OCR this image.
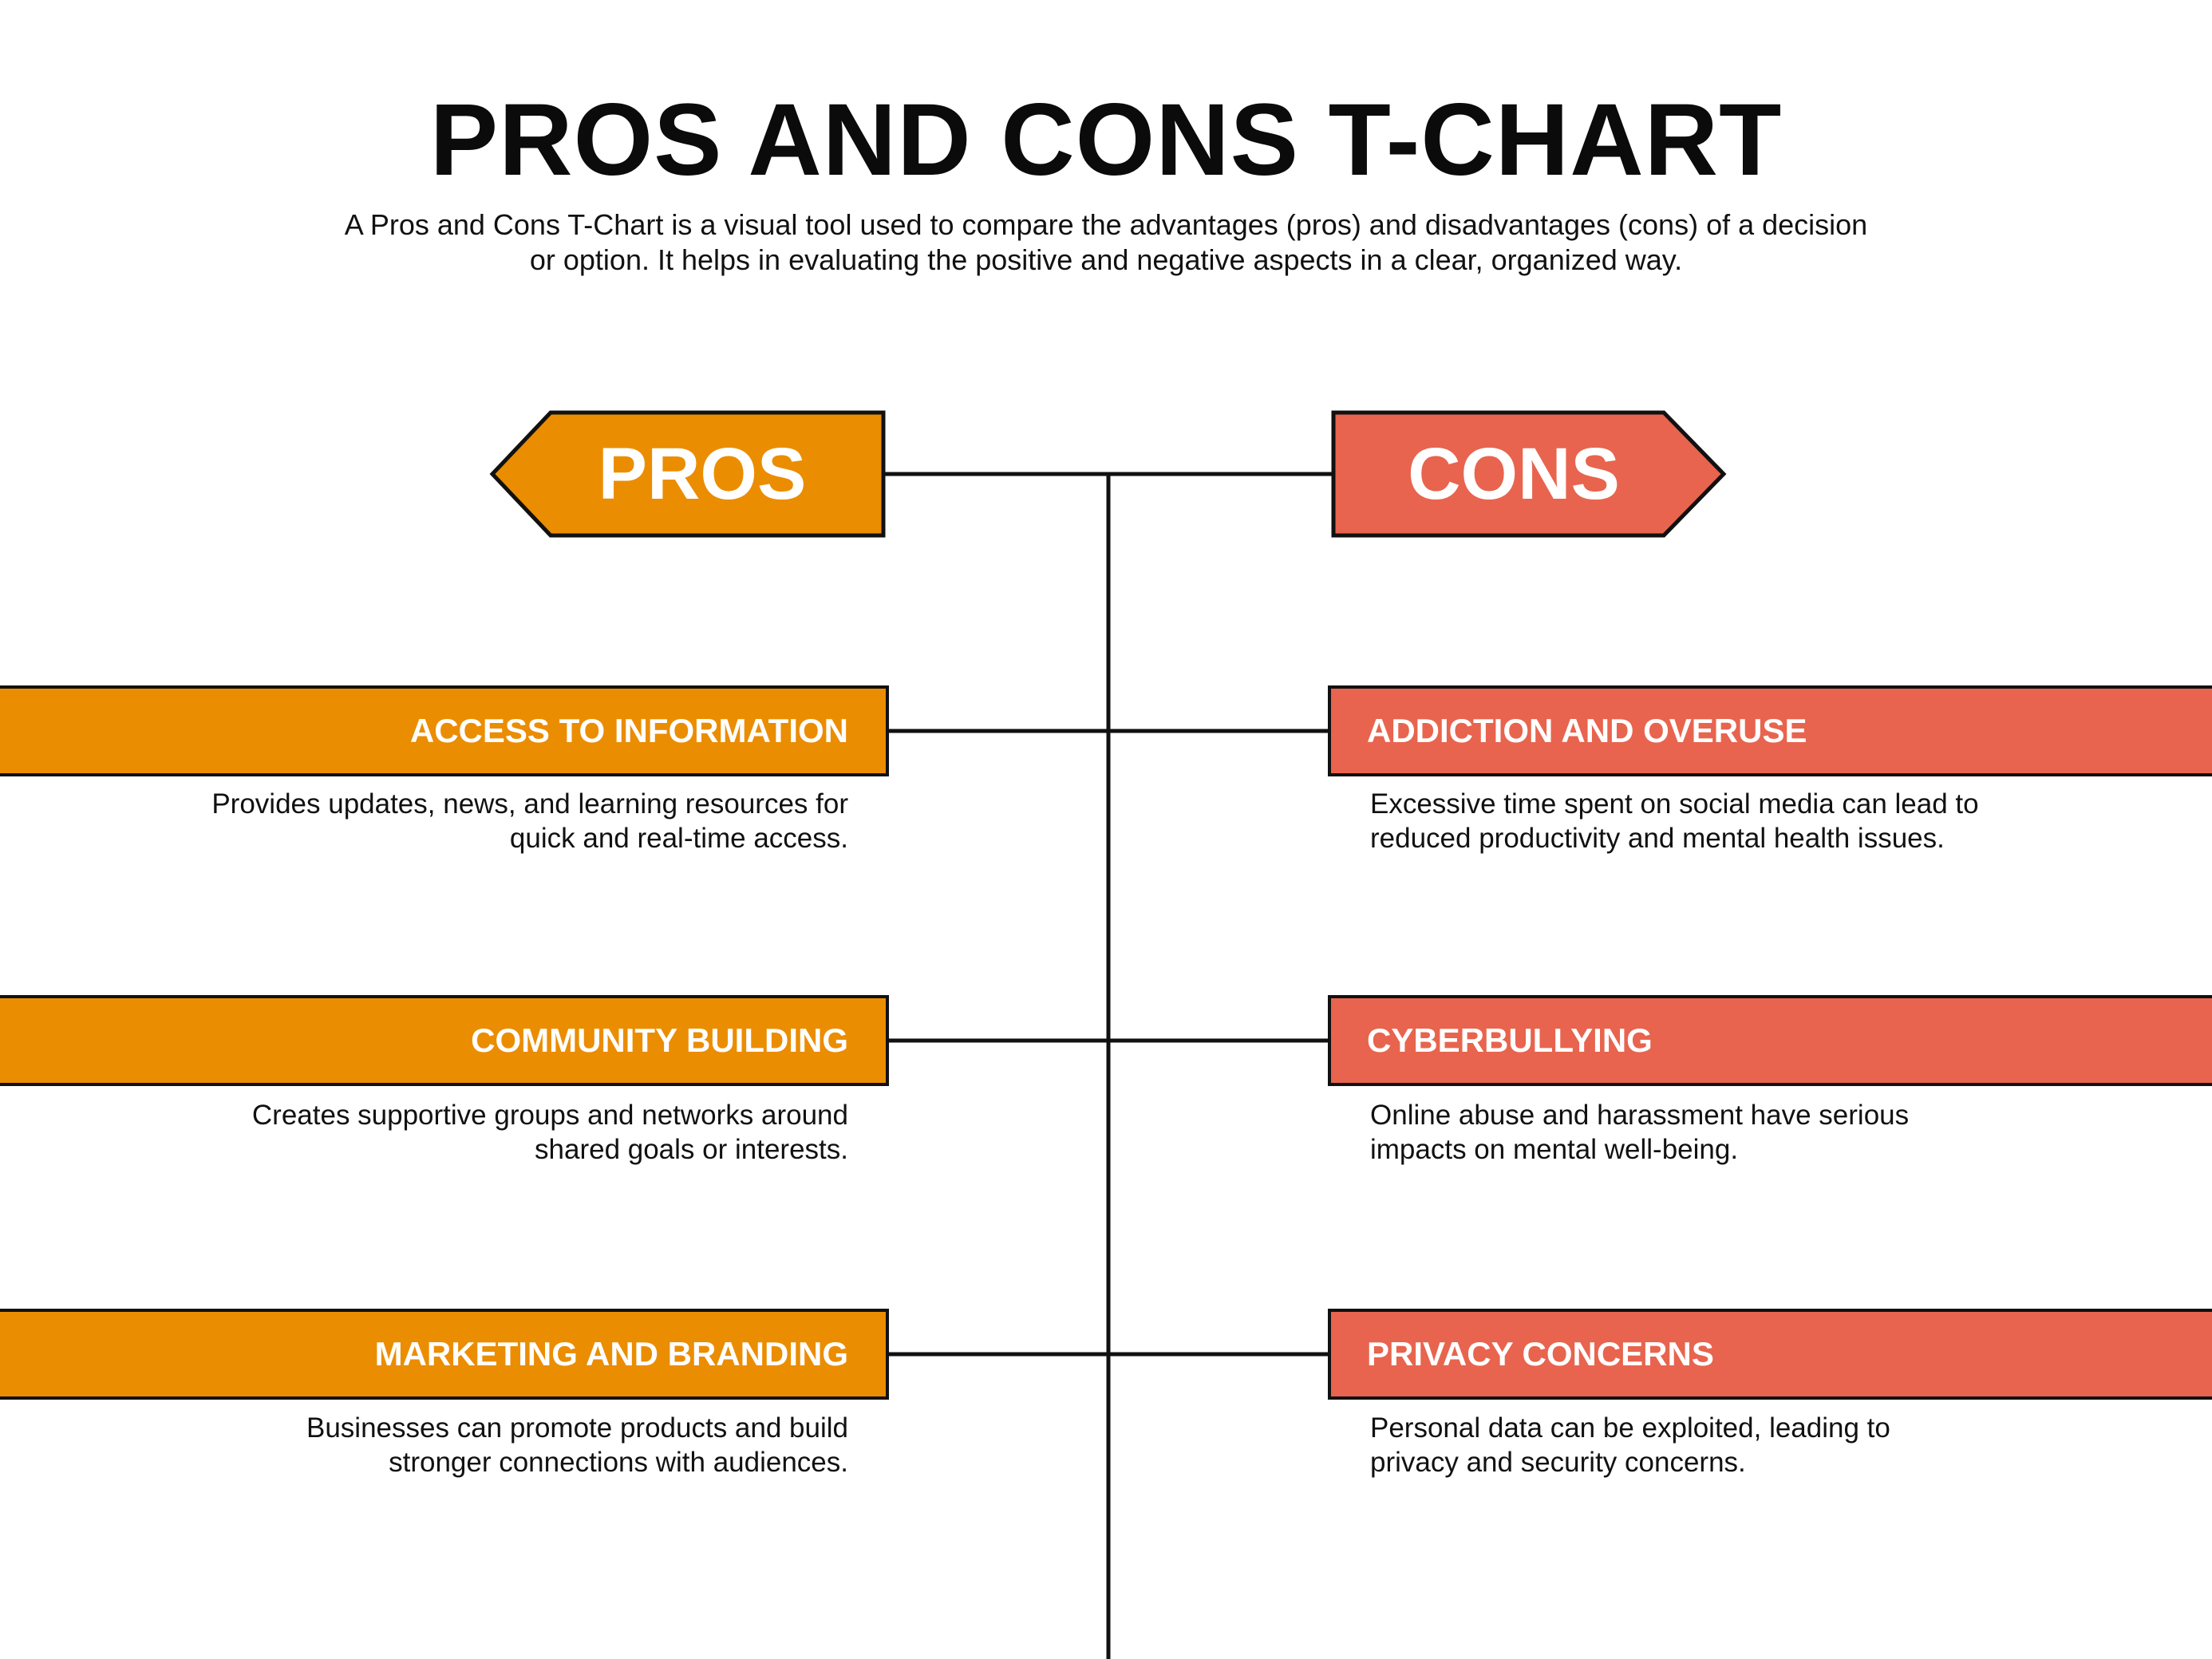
PROS AND CONS T-CHART
A Pros and Cons T-Chart is a visual tool used to compare the advantages (pros) and disadvantages (cons) of a decision
or option. It helps in evaluating the positive and negative aspects in a clear, organized way.
PROS	CONS
ACCESS TO INFORMATION
COMMUNITY BUILDING
MARKETING AND BRANDING
ADDICTION AND OVERUSE
CYBERBULLYING
PRIVACY CONCERNS
Provides updates, news, and learning resources for
quick and real-time access.
Creates supportive groups and networks around
shared goals or interests.
Businesses can promote products and build
stronger connections with audiences.
Excessive time spent on social media can lead to
reduced productivity and mental health issues.
Online abuse and harassment have serious
impacts on mental well-being.
Personal data can be exploited, leading to
privacy and security concerns.
